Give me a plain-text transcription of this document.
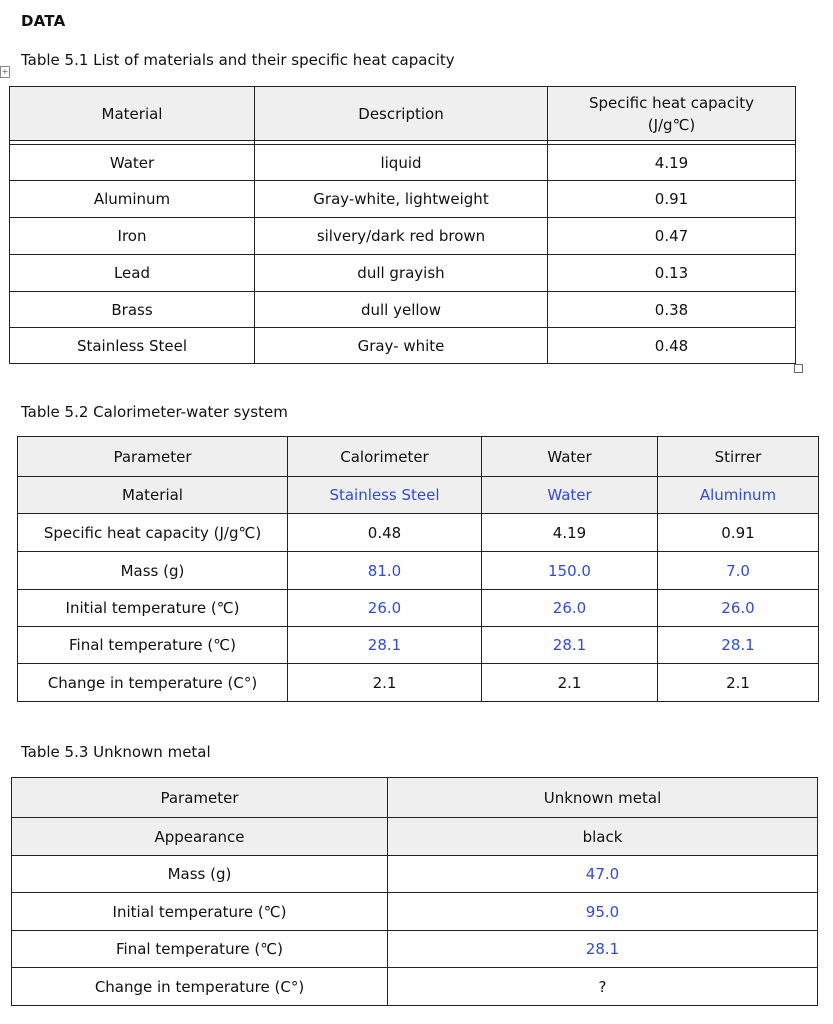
+
DATA
Table 5.1 List of materials and their specific heat capacity
Material	Description	Specific heat capacity
(J/g℃)

Water	liquid	4.19
Aluminum	Gray-white, lightweight	0.91
Iron	silvery/dark red brown	0.47
Lead	dull grayish	0.13
Brass	dull yellow	0.38
Stainless Steel	Gray- white	0.48
Table 5.2 Calorimeter-water system
Parameter	Calorimeter	Water	Stirrer
Material	Stainless Steel	Water	Aluminum
Specific heat capacity (J/g℃)	0.48	4.19	0.91
Mass (g)	81.0	150.0	7.0
Initial temperature (℃)	26.0	26.0	26.0
Final temperature (℃)	28.1	28.1	28.1
Change in temperature (C°)	2.1	2.1	2.1
Table 5.3 Unknown metal
Parameter	Unknown metal
Appearance	black
Mass (g)	47.0
Initial temperature (℃)	95.0
Final temperature (℃)	28.1
Change in temperature (C°)	?
